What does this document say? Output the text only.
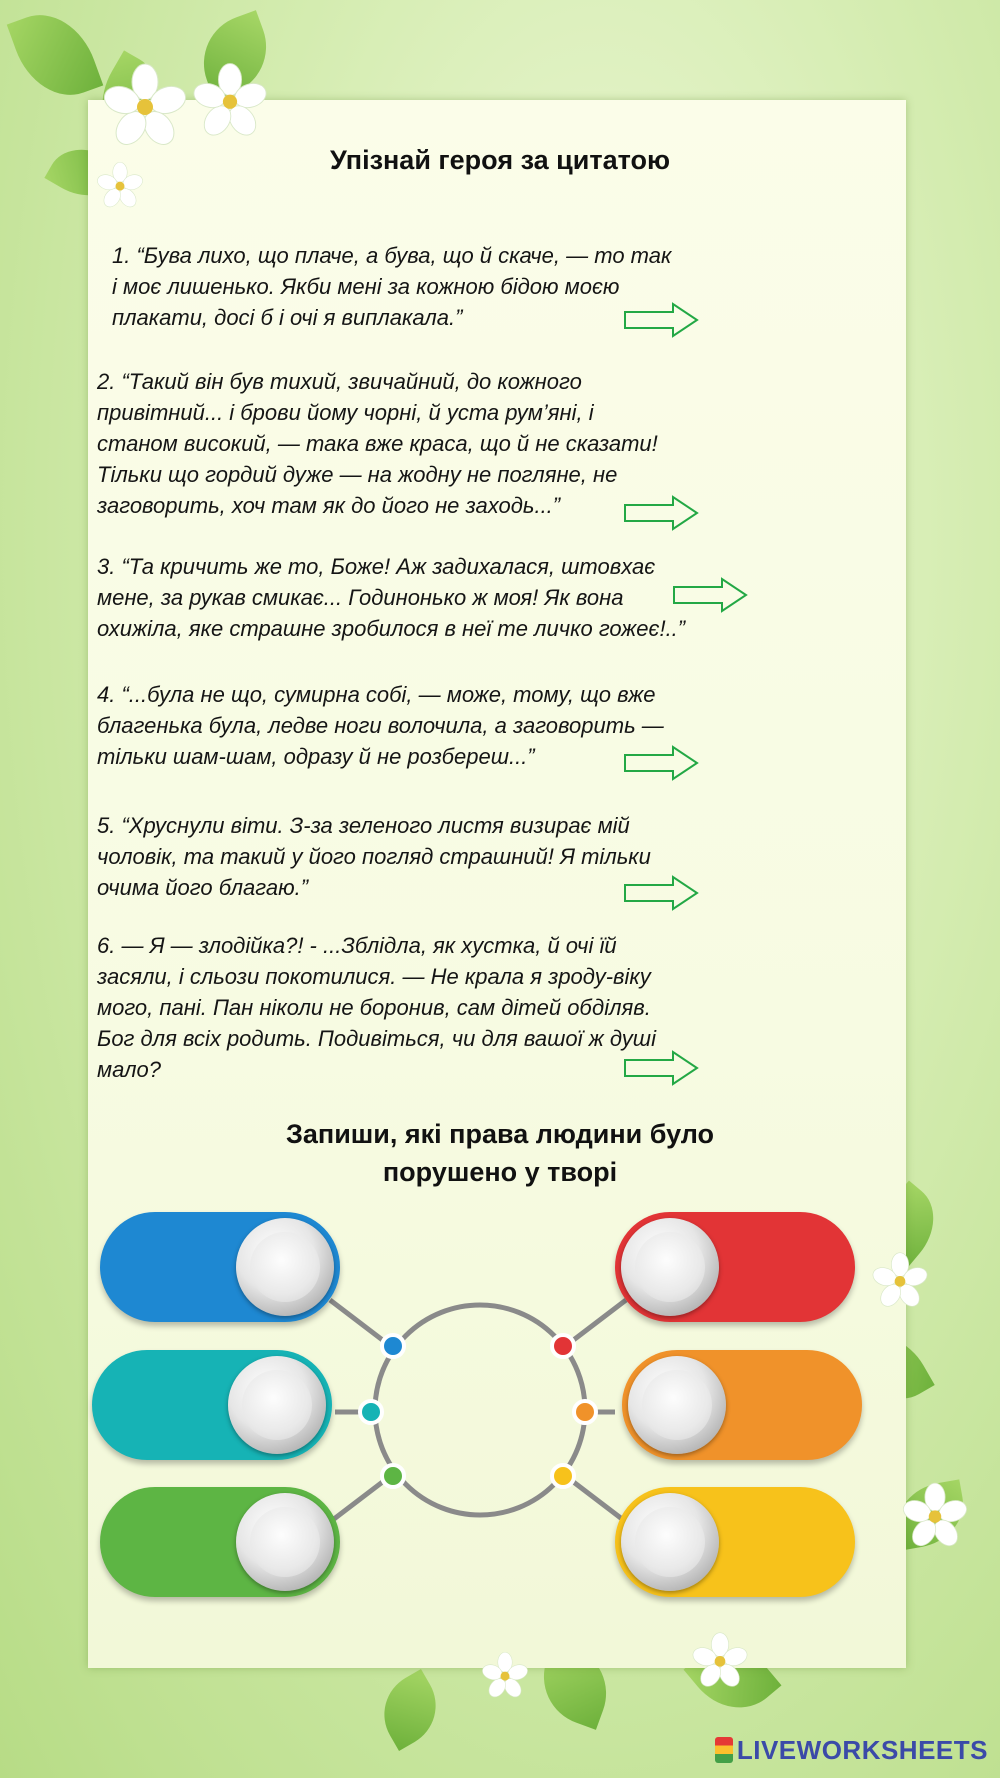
Упізнай героя за цитатою
1. “Бува лихо, що плаче, а бува, що й скаче, — то так
і моє лишенько. Якби мені за кожною бідою моєю
плакати, досі б і очі я виплакала.”
2. “Такий він був тихий, звичайний, до кожного
привітний... і брови йому чорні, й уста рум’яні, і
станом високий, — така вже краса, що й не сказати!
Тільки що гордий дуже — на жодну не погляне, не
заговорить, хоч там як до його не заходь...”
3. “Та кричить же то, Боже! Аж задихалася, штовхає
мене, за рукав смикає... Годинонько ж моя! Як вона
охижіла, яке страшне зробилося в неї те личко гожеє!..”
4. “...була не що, сумирна собі, — може, тому, що вже
благенька була, ледве ноги волочила, а заговорить —
тільки шам-шам, одразу й не розбереш...”
5. “Хруснули віти. З-за зеленого листя визирає мій
чоловік, та такий у його погляд страшний! Я тільки
очима його благаю.”
6. — Я — злодійка?! - ...Зблідла, як хустка, й очі їй
засяли, і сльози покотилися. — Не крала я зроду-віку
мого, пані. Пан ніколи не боронив, сам дітей обділяв.
Бог для всіх родить. Подивіться, чи для вашої ж душі
мало?
Запиши, які права людини було
порушено у творі
LIVEWORKSHEETS
